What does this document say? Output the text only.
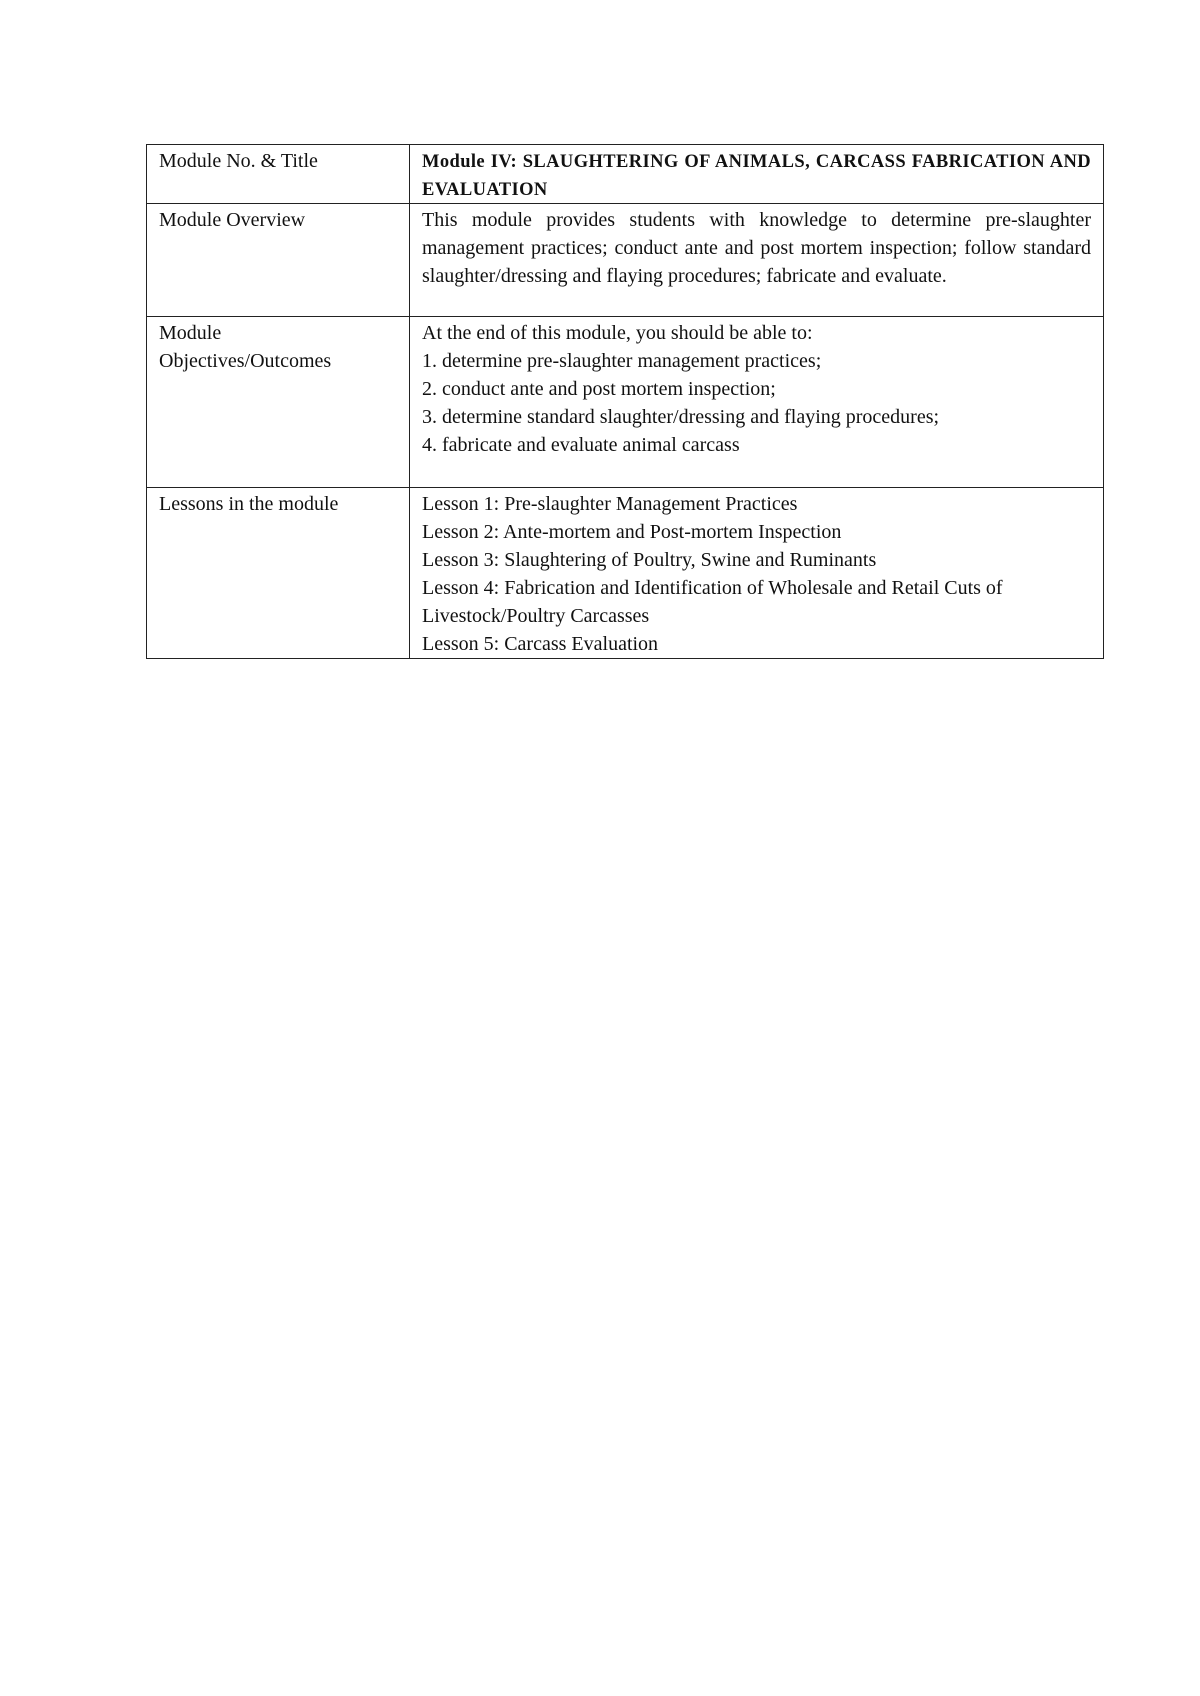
Module No. & Title	Module IV: SLAUGHTERING OF ANIMALS, CARCASS FABRICATION AND EVALUATION
Module Overview	This module provides students with knowledge to determine pre-slaughter management practices; conduct ante and post mortem inspection; follow standard slaughter/dressing and flaying procedures; fabricate and evaluate.

Module
Objectives/Outcomes	At the end of this module, you should be able to:
1. determine pre-slaughter management practices;
2. conduct ante and post mortem inspection;
3. determine standard slaughter/dressing and flaying procedures;
4. fabricate and evaluate animal carcass

Lessons in the module	Lesson 1: Pre-slaughter Management Practices
Lesson 2: Ante-mortem and Post-mortem Inspection
Lesson 3: Slaughtering of Poultry, Swine and Ruminants
Lesson 4: Fabrication and Identification of Wholesale and Retail Cuts of Livestock/Poultry Carcasses
Lesson 5: Carcass Evaluation
